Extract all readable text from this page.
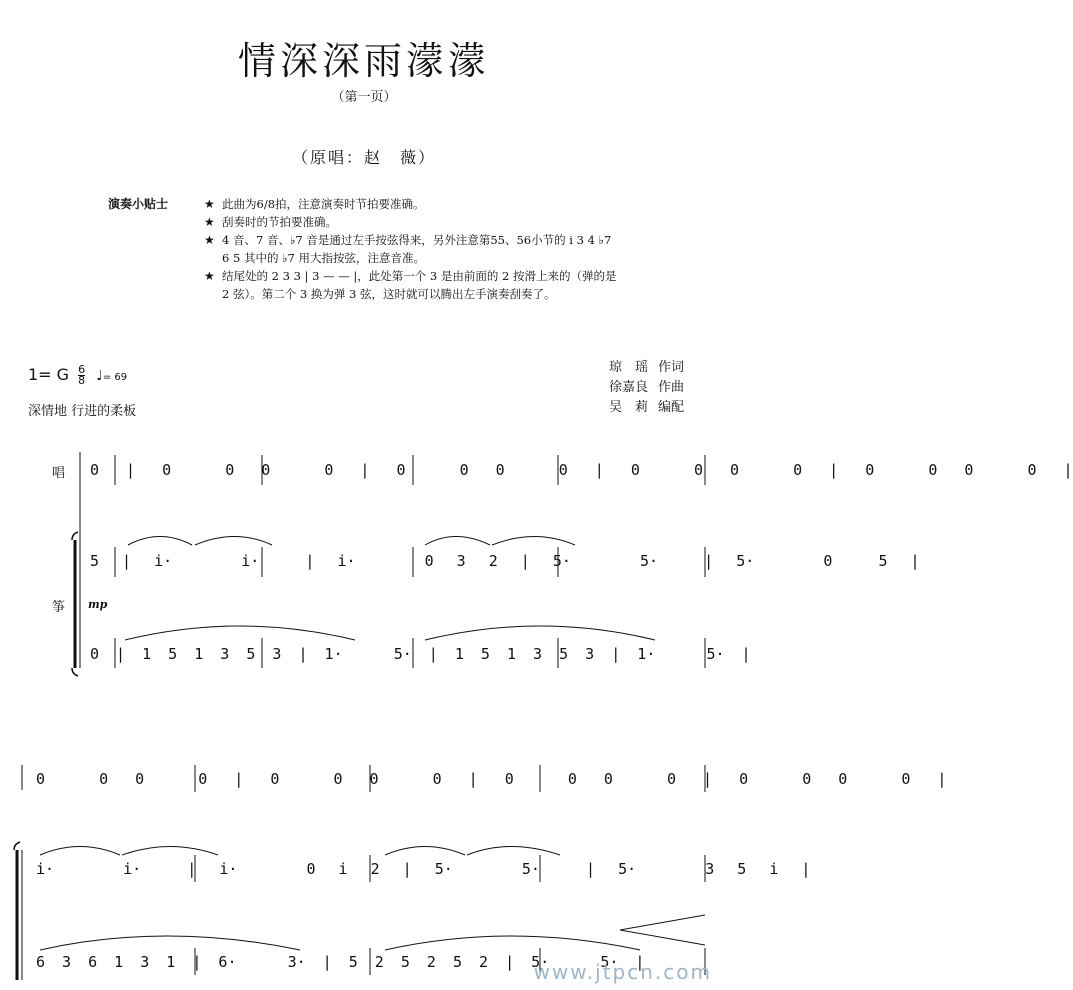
情深深雨濛濛
（第一页）
（原唱：赵　薇）
演奏小贴士	★ 此曲为6/8拍，注意演奏时节拍要准确。
★ 刮奏时的节拍要准确。
★ 4 音、7 音、♭7 音是通过左手按弦得来，另外注意第55、56小节的 i 3 4 ♭7 6 5 其中的 ♭7 用大指按弦，注意音准。
★ 结尾处的 2 3 3 | 3 — — |，此处第一个 3 是由前面的 2 按滑上来的（弹的是 2 弦）。第二个 3 换为弹 3 弦，这时就可以腾出左手演奏刮奏了。
1= G $\frac{6}{8}$ ♩= 69
深情地 行进的柔板
琼　瑶 作词
徐嘉良 作曲
吴　莉 编配
唱
筝 mp
0 | 0  0 0  0 | 0  0 0  0 | 0  0 0  0 | 0  0 0  0 |
5 | i·   i·  | i·   0 3 2 | 5·   5·  | 5·   0  5 |
0 | 1 5 1 3 5 3 | 1·   5· | 1 5 1 3 5 3 | 1·   5· |
0  0 0  0 | 0  0 0  0 | 0  0 0  0 | 0  0 0  0 |
i·   i·  | i·   0 i 2 | 5·   5·  | 5·   3 5 i |
6 3 6 1 3 1 | 6·   3· | 5 2 5 2 5 2 | 5·   5· |
www.jtpcn.com
